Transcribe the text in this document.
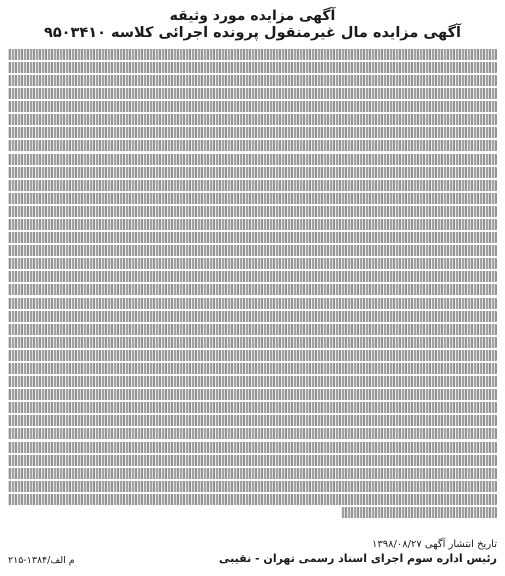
آگهی مزایده مورد وثیقه
آگهی مزایده مال غیرمنقول پرونده اجرائی کلاسه ۹۵۰۳۴۱۰
تاریخ انتشار آگهی ۱۳۹۸/۰۸/۲۷
رئیس اداره سوم اجرای اسناد رسمی تهران - نقیبی
۲۱۵-م الف/۱۳۸۴
